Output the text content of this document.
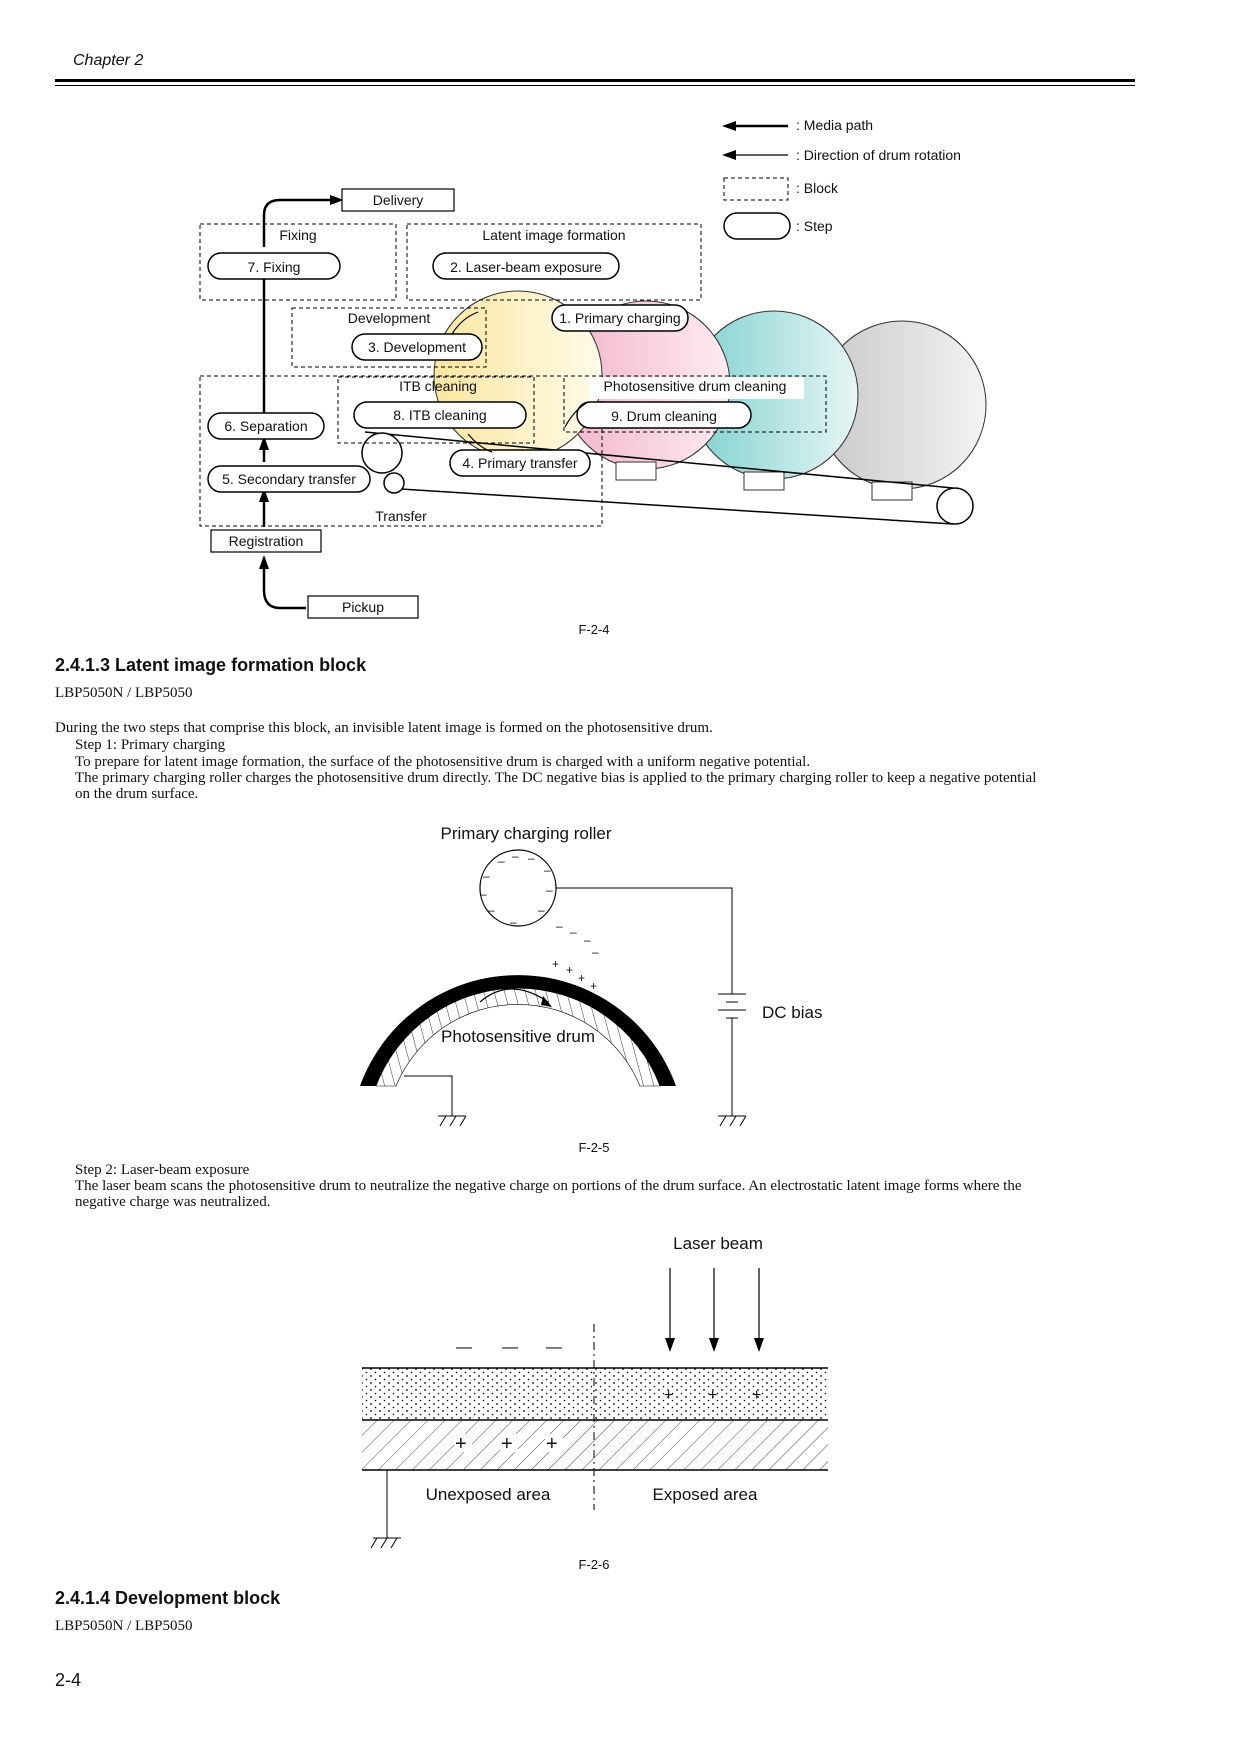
Chapter 2
: Media path
: Direction of drum rotation
: Block
: Step
Fixing	Latent image formation
Development
ITB cleaning	Photosensitive drum cleaning
Transfer
Delivery
Registration
Pickup
7. Fixing	2. Laser-beam exposure
1. Primary charging
3. Development
8. ITB cleaning	9. Drum cleaning
6. Separation
4. Primary transfer
5. Secondary transfer
F-2-4
2.4.1.3 Latent image formation block
LBP5050N / LBP5050
During the two steps that comprise this block, an invisible latent image is formed on the photosensitive drum.
Step 1: Primary charging
To prepare for latent image formation, the surface of the photosensitive drum is charged with a uniform negative potential.
The primary charging roller charges the photosensitive drum directly. The DC negative bias is applied to the primary charging roller to keep a negative potential
on the drum surface.
Primary charging roller
– – –
–	–
–	–
–	–
–	– –
–
–
+ +
+
+
Photosensitive drum
DC bias
F-2-5
Step 2: Laser-beam exposure
The laser beam scans the photosensitive drum to neutralize the negative charge on portions of the drum surface. An electrostatic latent image forms where the
negative charge was neutralized.
Laser beam
— — —
+ + +
+ + +
Unexposed area	Exposed area
F-2-6
2.4.1.4 Development block
LBP5050N / LBP5050
2-4
